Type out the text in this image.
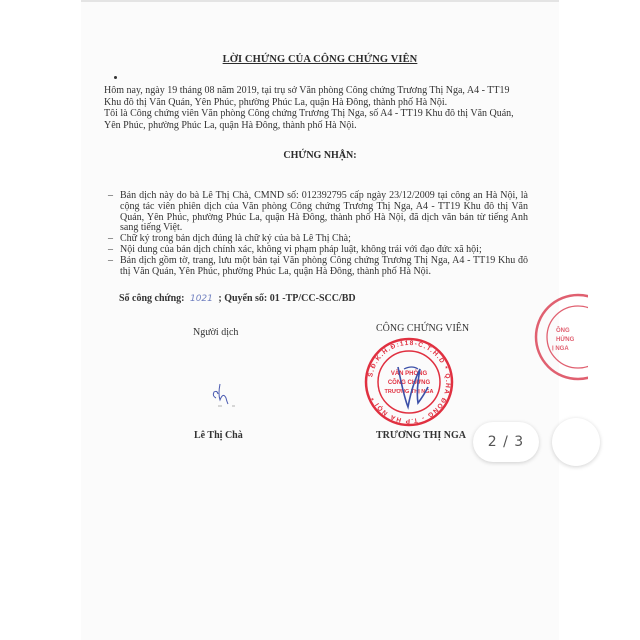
LỜI CHỨNG CỦA CÔNG CHỨNG VIÊN
Hôm nay, ngày 19 tháng 08 năm 2019, tại trụ sở Văn phòng Công chứng Trương Thị Nga, A4 - TT19 Khu đô thị Văn Quán, Yên Phúc, phường Phúc La, quận Hà Đông, thành phố Hà Nội.
Tôi là Công chứng viên Văn phòng Công chứng Trương Thị Nga, số A4 - TT19 Khu đô thị Văn Quán, Yên Phúc, phường Phúc La, quận Hà Đông, thành phố Hà Nội.
CHỨNG NHẬN:
– Bản dịch này do bà Lê Thị Chà, CMND số: 012392795 cấp ngày 23/12/2009 tại công an Hà Nội, là cộng tác viên phiên dịch của Văn phòng Công chứng Trương Thị Nga, A4 - TT19 Khu đô thị Văn Quán, Yên Phúc, phường Phúc La, quận Hà Đông, thành phố Hà Nội, đã dịch văn bản từ tiếng Anh sang tiếng Việt.
– Chữ ký trong bản dịch đúng là chữ ký của bà Lê Thị Chà;
– Nội dung của bản dịch chính xác, không vi phạm pháp luật, không trái với đạo đức xã hội;
– Bản dịch gồm tờ, trang, lưu một bản tại Văn phòng Công chứng Trương Thị Nga, A4 - TT19 Khu đô thị Văn Quán, Yên Phúc, phường Phúc La, quận Hà Đông, thành phố Hà Nội.
Số công chứng: 1021 ; Quyển số: 01 -TP/CC-SCC/BD
Người dịch	CÔNG CHỨNG VIÊN
S.Đ.K.H.Đ:118-C.T.H.D * Q.HÀ ĐÔNG - T.P HÀ NỘI *
VĂN PHÒNG
CÔNG CHỨNG
TRƯƠNG THỊ NGA
Lê Thị Chà	TRƯƠNG THỊ NGA
ÔNG
HỨNG
Ị NGA
2 / 3
